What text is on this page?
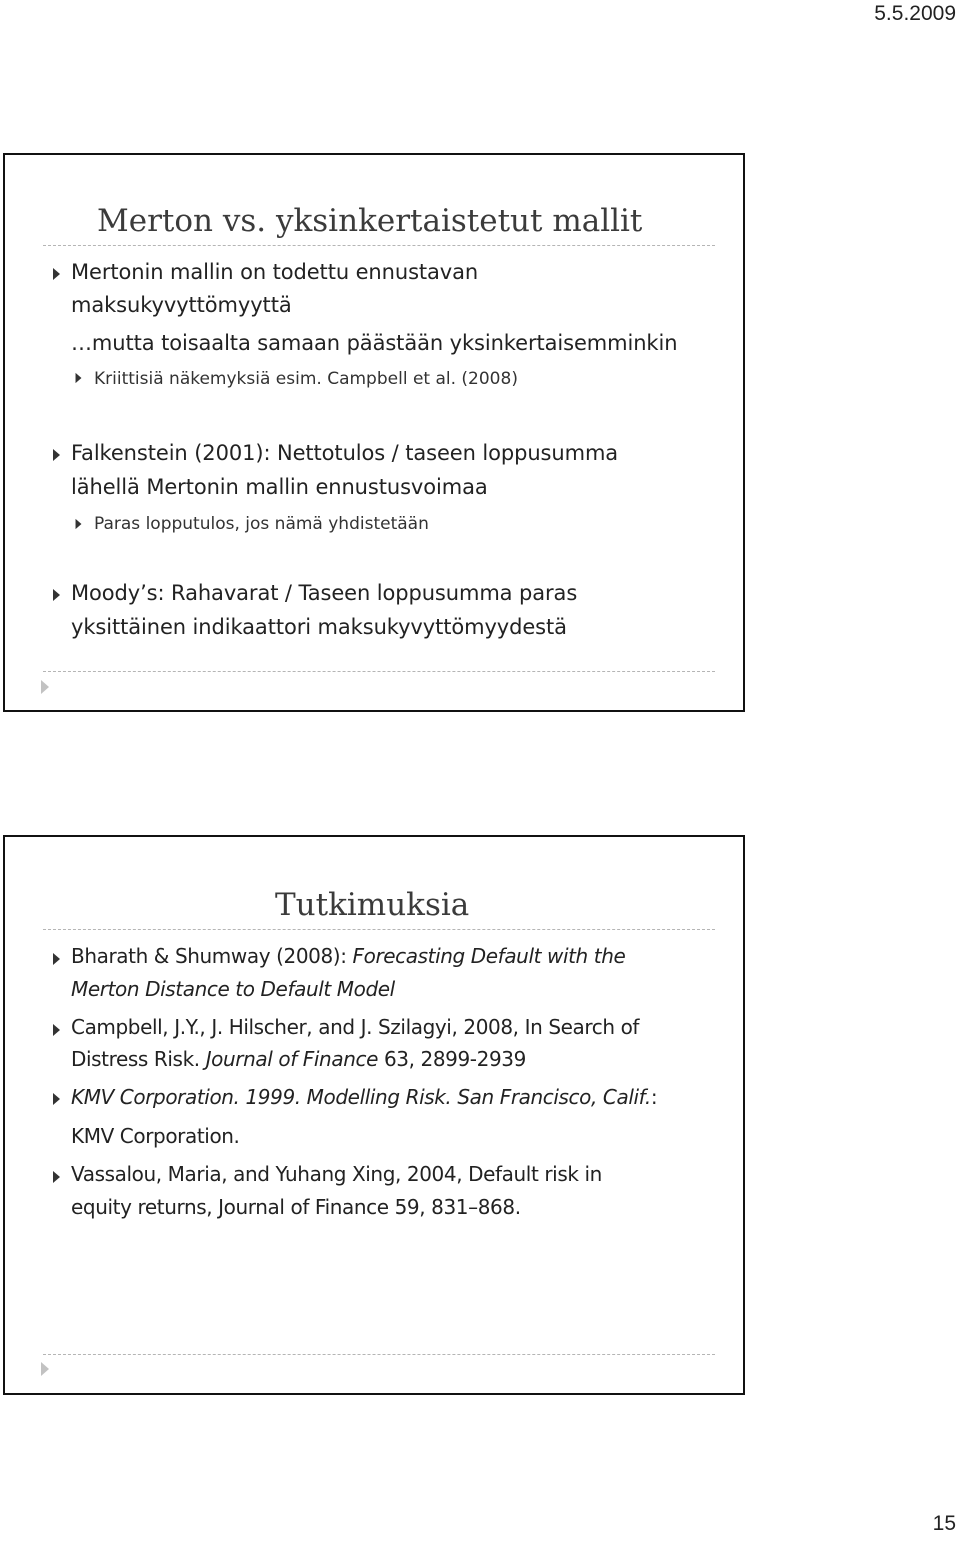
5.5.2009
Merton vs. yksinkertaistetut mallit
Mertonin mallin on todettu ennustavan
maksukyvyttömyyttä
…mutta toisaalta samaan päästään yksinkertaisemminkin
Kriittisiä näkemyksiä esim. Campbell et al. (2008)
Falkenstein (2001): Nettotulos / taseen loppusumma
lähellä Mertonin mallin ennustusvoimaa
Paras lopputulos, jos nämä yhdistetään
Moody’s: Rahavarat / Taseen loppusumma paras
yksittäinen indikaattori maksukyvyttömyydestä
Tutkimuksia
Bharath & Shumway (2008): Forecasting Default with the
Merton Distance to Default Model
Campbell, J.Y., J. Hilscher, and J. Szilagyi, 2008, In Search of
Distress Risk. Journal of Finance 63, 2899-2939
KMV Corporation. 1999. Modelling Risk. San Francisco, Calif.:
KMV Corporation.
Vassalou, Maria, and Yuhang Xing, 2004, Default risk in
equity returns, Journal of Finance 59, 831–868.
15
